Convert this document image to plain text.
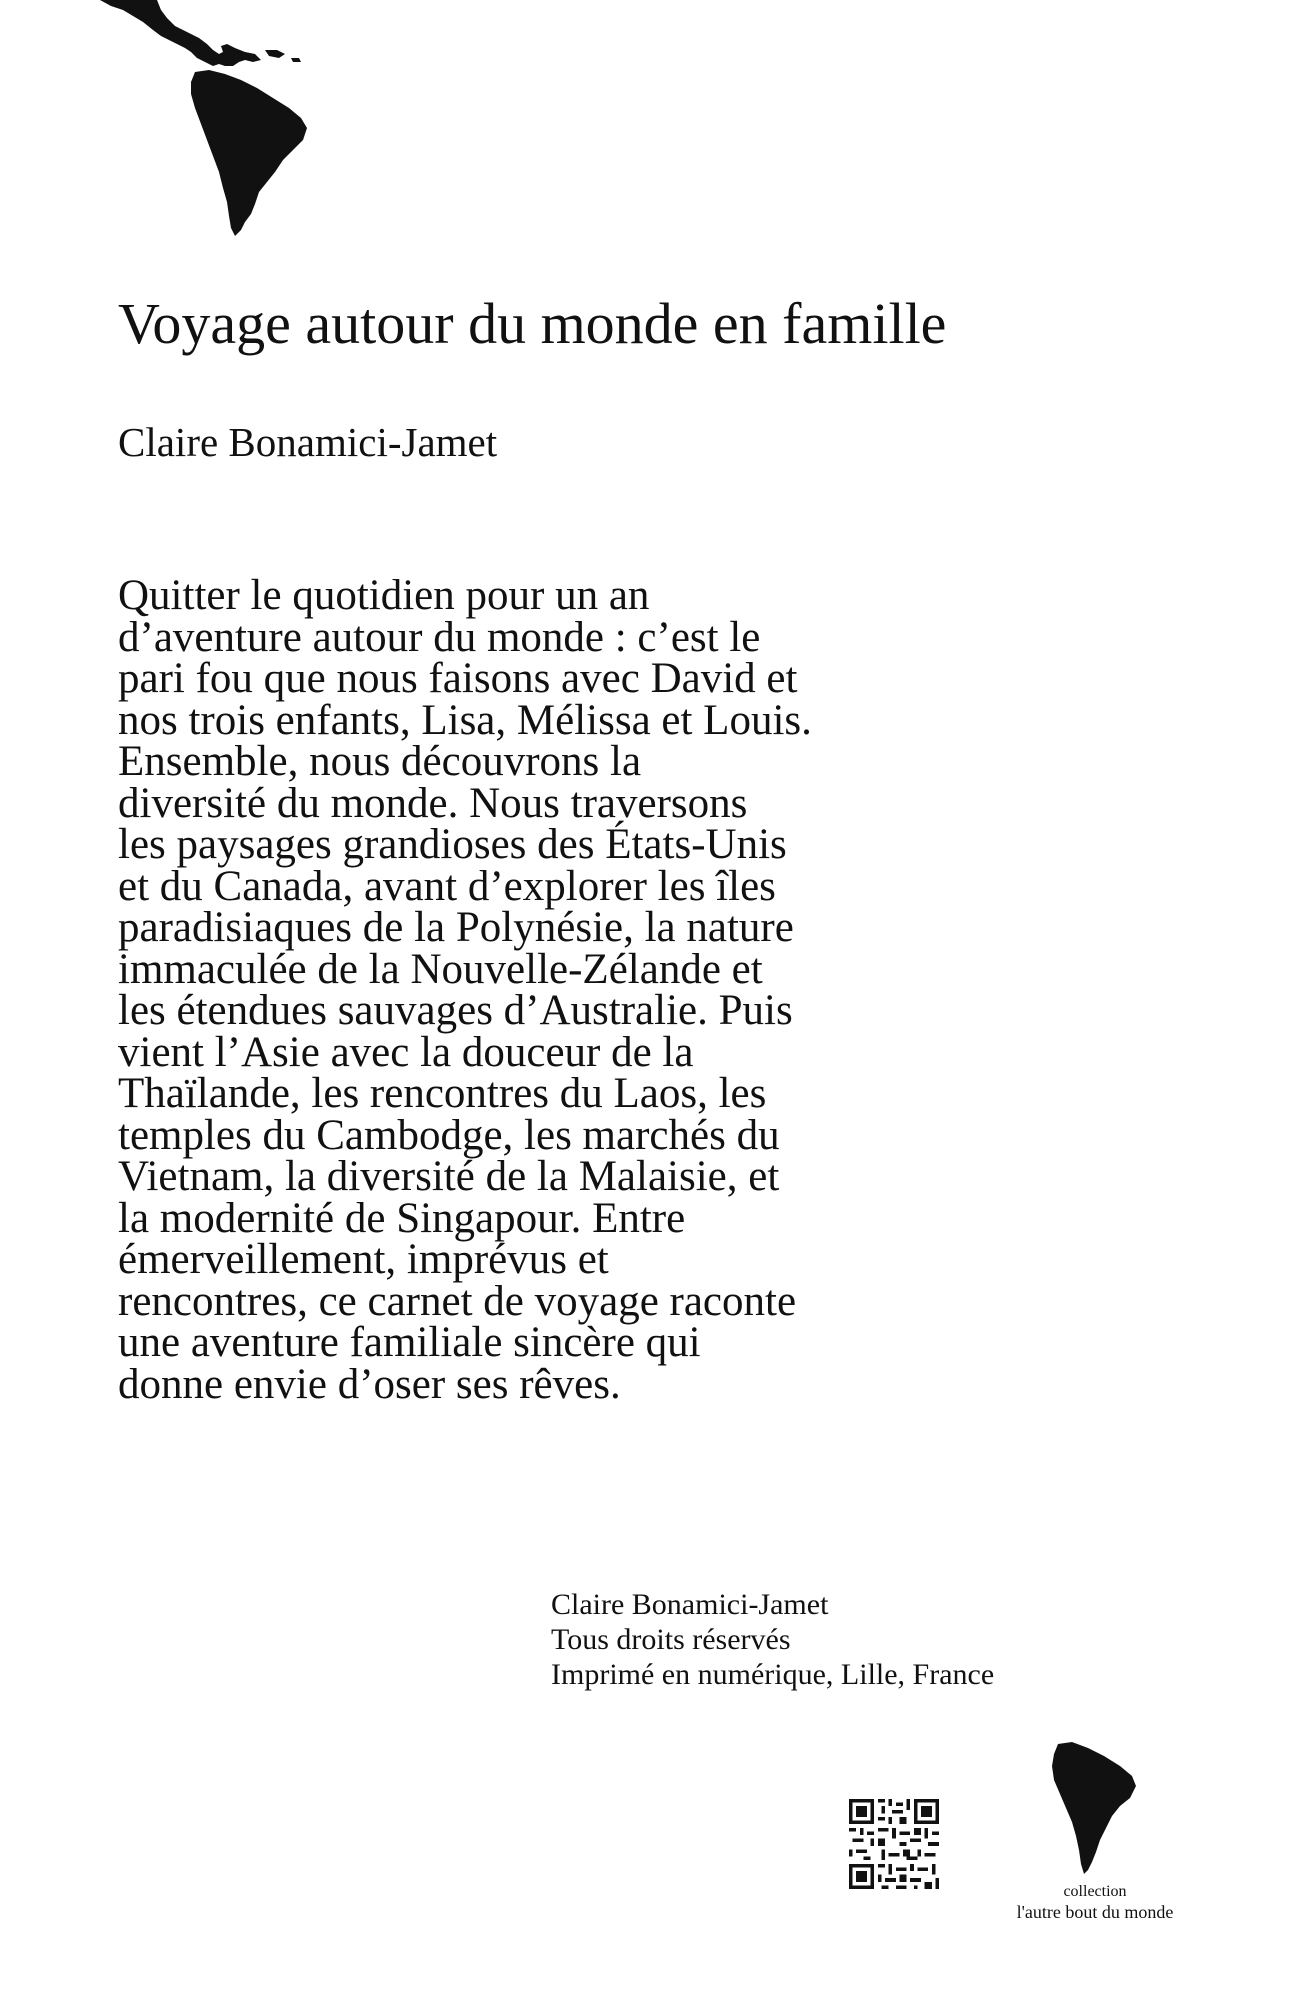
Voyage autour du monde en famille
Claire Bonamici-Jamet
Quitter le quotidien pour un an
d’aventure autour du monde : c’est le
pari fou que nous faisons avec David et
nos trois enfants, Lisa, Mélissa et Louis.
Ensemble, nous découvrons la
diversité du monde. Nous traversons
les paysages grandioses des États-Unis
et du Canada, avant d’explorer les îles
paradisiaques de la Polynésie, la nature
immaculée de la Nouvelle-Zélande et
les étendues sauvages d’Australie. Puis
vient l’Asie avec la douceur de la
Thaïlande, les rencontres du Laos, les
temples du Cambodge, les marchés du
Vietnam, la diversité de la Malaisie, et
la modernité de Singapour. Entre
émerveillement, imprévus et
rencontres, ce carnet de voyage raconte
une aventure familiale sincère qui
donne envie d’oser ses rêves.
Claire Bonamici-Jamet
Tous droits réservés
Imprimé en numérique, Lille, France
collection
l'autre bout du monde
